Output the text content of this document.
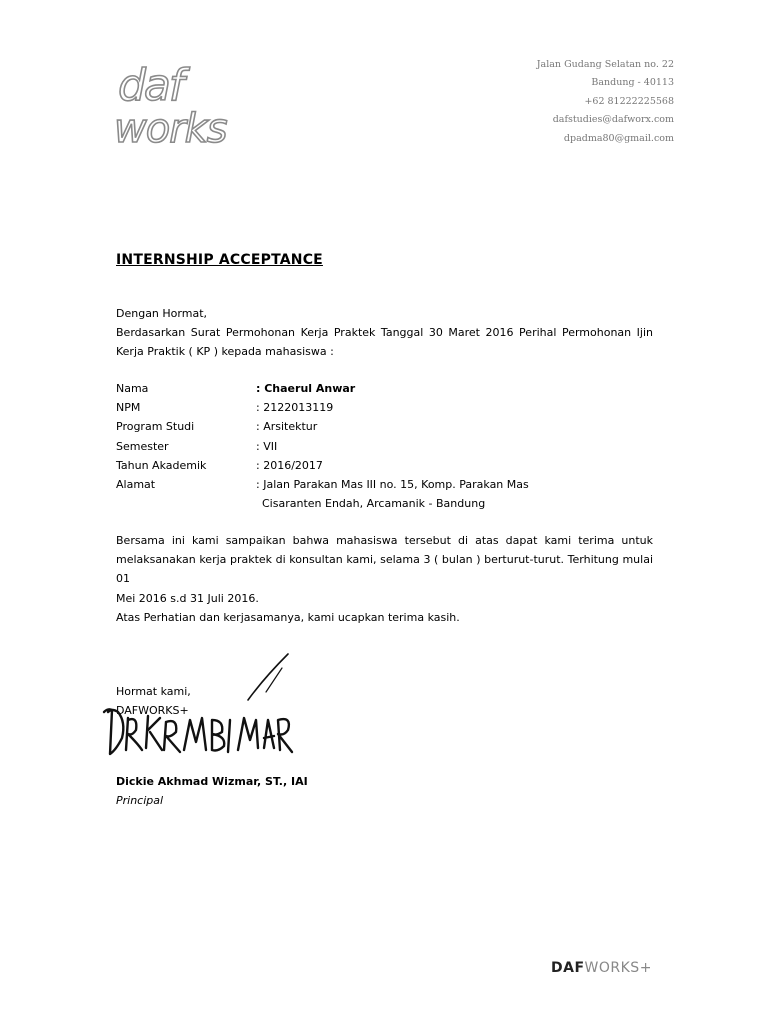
daf
works
Jalan Gudang Selatan no. 22
Bandung - 40113
+62 81222225568
dafstudies@dafworx.com
dpadma80@gmail.com
INTERNSHIP ACCEPTANCE
Dengan Hormat,
Berdasarkan Surat Permohonan Kerja Praktek Tanggal 30 Maret 2016 Perihal Permohonan Ijin
Kerja Praktik ( KP ) kepada mahasiswa :
Nama	: Chaerul Anwar
NPM	: 2122013119
Program Studi	: Arsitektur
Semester	: VII
Tahun Akademik	: 2016/2017
Alamat	: Jalan Parakan Mas III no. 15, Komp. Parakan Mas
Cisaranten Endah, Arcamanik - Bandung
Bersama ini kami sampaikan bahwa mahasiswa tersebut di atas dapat kami terima untuk
melaksanakan kerja praktek di konsultan kami, selama 3 ( bulan ) berturut-turut. Terhitung mulai 01
Mei 2016 s.d 31 Juli 2016.
Atas Perhatian dan kerjasamanya, kami ucapkan terima kasih.
Hormat kami,
DAFWORKS+
Dickie Akhmad Wizmar, ST., IAI
Principal
DAFWORKS+
